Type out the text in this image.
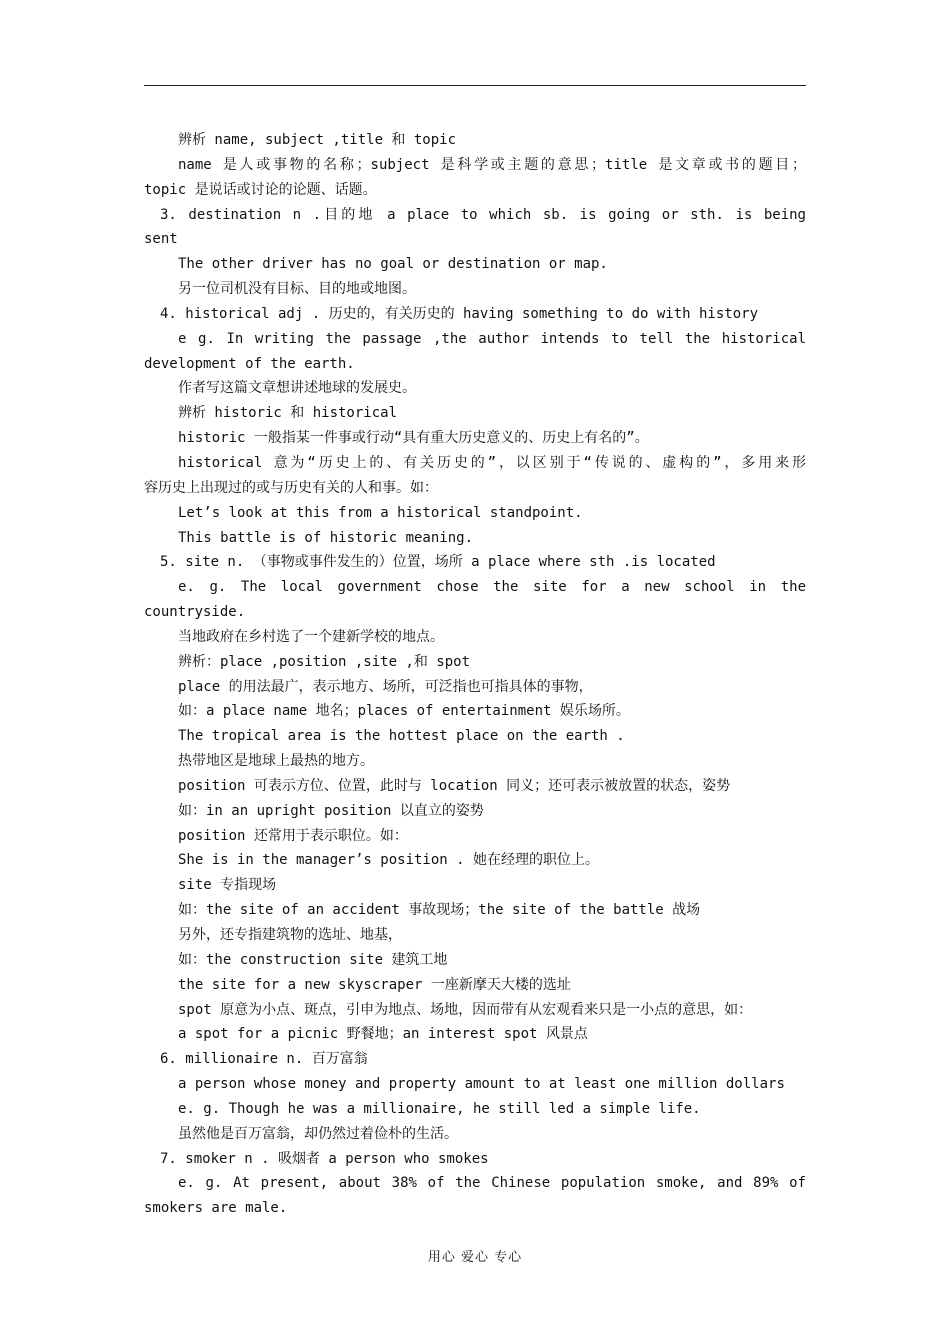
辨析 name, subject ,title 和 topic
name 是人或事物的名称；subject 是科学或主题的意思；title 是文章或书的题目；
topic 是说话或讨论的论题、话题。
3. destination n .目的地 a place to which sb. is going or sth. is being
sent
The other driver has no goal or destination or map.
另一位司机没有目标、目的地或地图。
4. historical adj . 历史的，有关历史的 having something to do with history
e g. In writing the passage ,the author intends to tell the historical
development of the earth.
作者写这篇文章想讲述地球的发展史。
辨析 historic 和 historical
historic 一般指某一件事或行动“具有重大历史意义的、历史上有名的”。
historical 意为“历史上的、有关历史的”，以区别于“传说的、虚构的”，多用来形
容历史上出现过的或与历史有关的人和事。如：
Let’s look at this from a historical standpoint.
This battle is of historic meaning.
5. site n. （事物或事件发生的）位置，场所 a place where sth .is located
e. g. The local government chose the site for a new school in the
countryside.
当地政府在乡村选了一个建新学校的地点。
辨析：place ,position ,site ,和 spot
place 的用法最广，表示地方、场所，可泛指也可指具体的事物，
如：a place name 地名；places of entertainment 娱乐场所。
The tropical area is the hottest place on the earth .
热带地区是地球上最热的地方。
position 可表示方位、位置，此时与 location 同义；还可表示被放置的状态，姿势
如：in an upright position 以直立的姿势
position 还常用于表示职位。如：
She is in the manager’s position . 她在经理的职位上。
site 专指现场
如：the site of an accident 事故现场；the site of the battle 战场
另外，还专指建筑物的选址、地基，
如：the construction site 建筑工地
the site for a new skyscraper 一座新摩天大楼的选址
spot 原意为小点、斑点，引申为地点、场地，因而带有从宏观看来只是一小点的意思，如：
a spot for a picnic 野餐地；an interest spot 风景点
6. millionaire n. 百万富翁
a person whose money and property amount to at least one million dollars
e. g. Though he was a millionaire, he still led a simple life.
虽然他是百万富翁，却仍然过着俭朴的生活。
7. smoker n . 吸烟者 a person who smokes
e. g. At present, about 38% of the Chinese population smoke, and 89% of
smokers are male.
用心 爱心 专心
